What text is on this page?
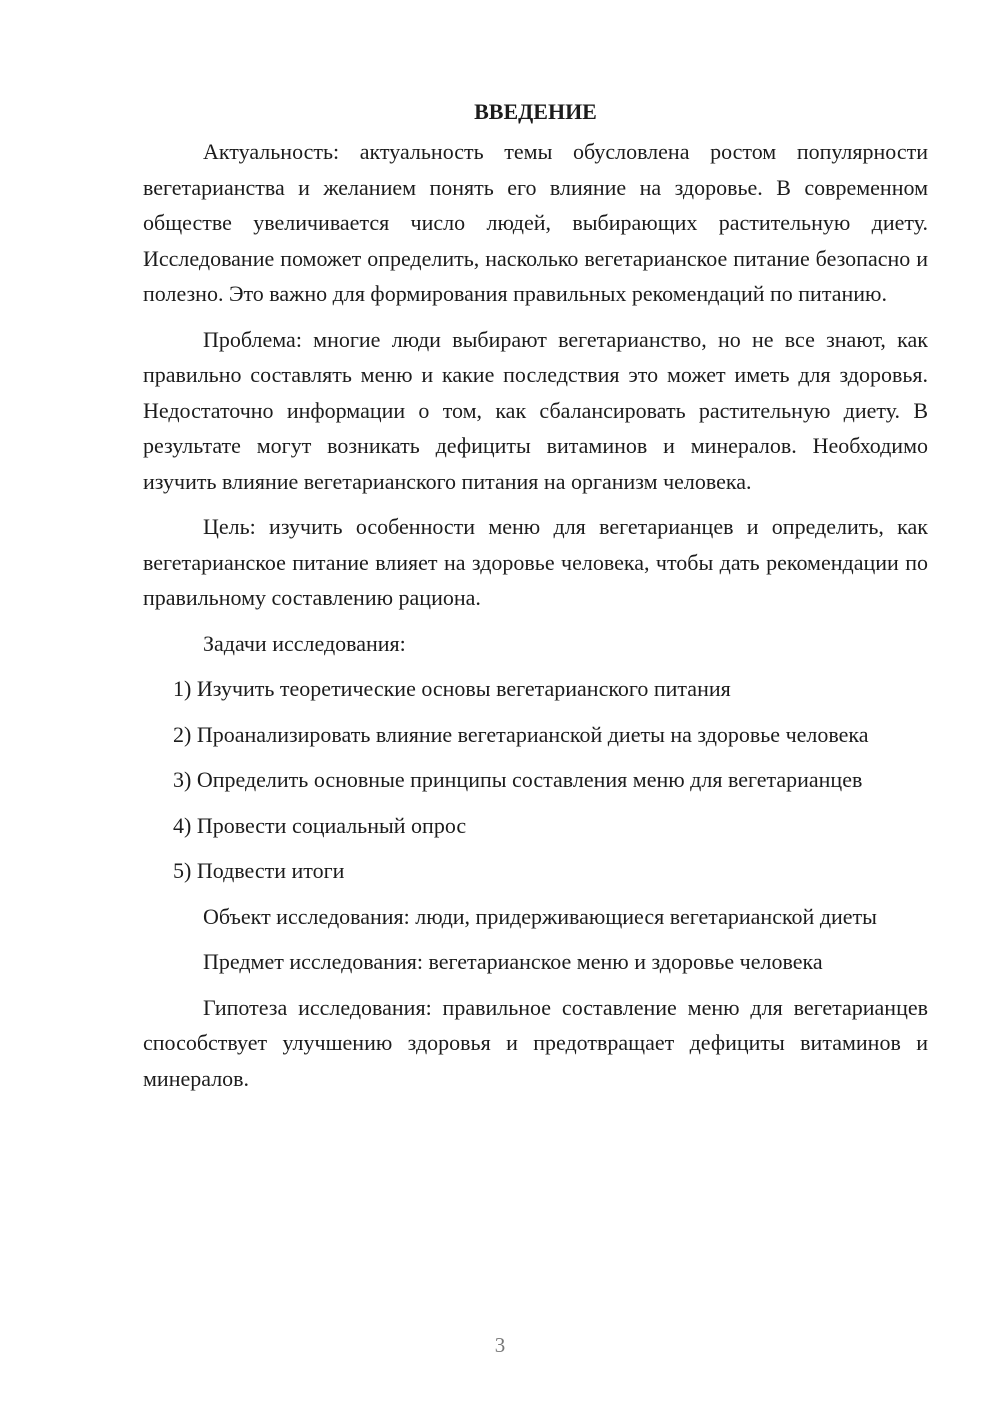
ВВЕДЕНИЕ

Актуальность: актуальность темы обусловлена ростом популярности вегетарианства и желанием понять его влияние на здоровье. В современном обществе увеличивается число людей, выбирающих растительную диету. Исследование поможет определить, насколько вегетарианское питание безопасно и полезно. Это важно для формирования правильных рекомендаций по питанию.

Проблема: многие люди выбирают вегетарианство, но не все знают, как правильно составлять меню и какие последствия это может иметь для здоровья. Недостаточно информации о том, как сбалансировать растительную диету. В результате могут возникать дефициты витаминов и минералов. Необходимо изучить влияние вегетарианского питания на организм человека.

Цель: изучить особенности меню для вегетарианцев и определить, как вегетарианское питание влияет на здоровье человека, чтобы дать рекомендации по правильному составлению рациона.

Задачи исследования:

1) Изучить теоретические основы вегетарианского питания

2) Проанализировать влияние вегетарианской диеты на здоровье человека

3) Определить основные принципы составления меню для вегетарианцев

4) Провести социальный опрос

5) Подвести итоги

Объект исследования: люди, придерживающиеся вегетарианской диеты

Предмет исследования: вегетарианское меню и здоровье человека

Гипотеза исследования: правильное составление меню для вегетарианцев способствует улучшению здоровья и предотвращает дефициты витаминов и минералов.

3
